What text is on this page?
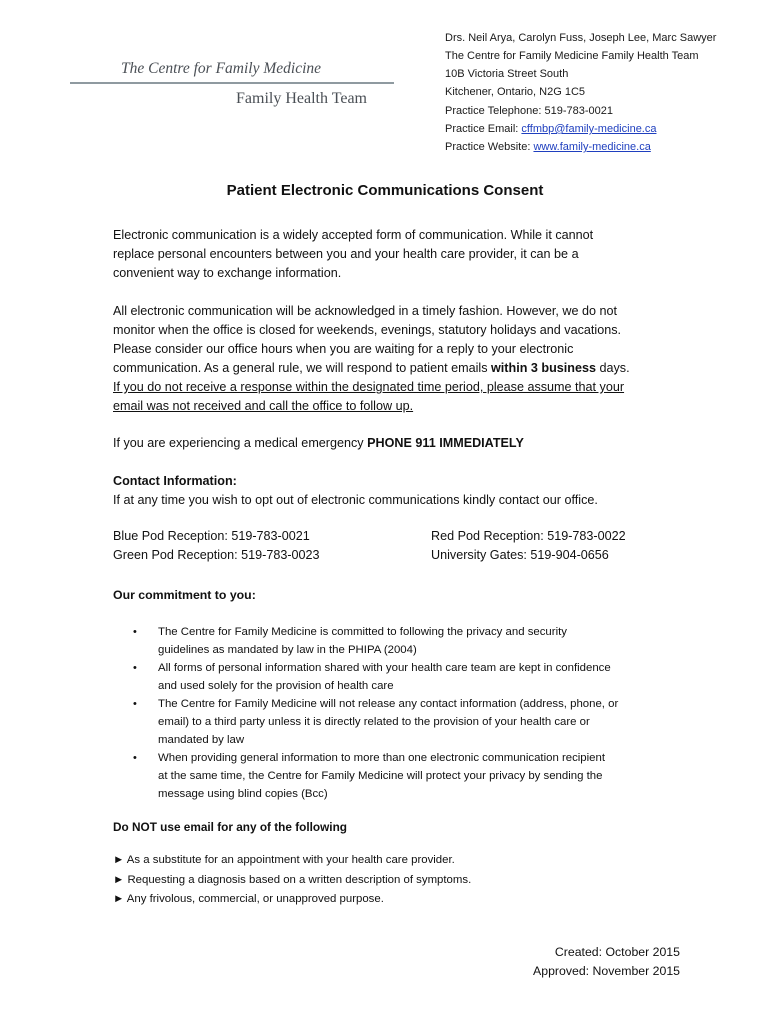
The Centre for Family Medicine
Family Health Team
Drs. Neil Arya, Carolyn Fuss, Joseph Lee, Marc Sawyer
The Centre for Family Medicine Family Health Team
10B Victoria Street South
Kitchener, Ontario, N2G 1C5
Practice Telephone: 519-783-0021
Practice Email: cffmbp@family-medicine.ca
Practice Website: www.family-medicine.ca
Patient Electronic Communications Consent
Electronic communication is a widely accepted form of communication. While it cannot
replace personal encounters between you and your health care provider, it can be a
convenient way to exchange information.
All electronic communication will be acknowledged in a timely fashion. However, we do not
monitor when the office is closed for weekends, evenings, statutory holidays and vacations.
Please consider our office hours when you are waiting for a reply to your electronic
communication. As a general rule, we will respond to patient emails within 3 business days.
If you do not receive a response within the designated time period, please assume that your
email was not received and call the office to follow up.
If you are experiencing a medical emergency PHONE 911 IMMEDIATELY
Contact Information:
If at any time you wish to opt out of electronic communications kindly contact our office.
Blue Pod Reception: 519-783-0021	Red Pod Reception: 519-783-0022
Green Pod Reception: 519-783-0023	University Gates: 519-904-0656
Our commitment to you:
• The Centre for Family Medicine is committed to following the privacy and security
guidelines as mandated by law in the PHIPA (2004)
• All forms of personal information shared with your health care team are kept in confidence
and used solely for the provision of health care
• The Centre for Family Medicine will not release any contact information (address, phone, or
email) to a third party unless it is directly related to the provision of your health care or
mandated by law
• When providing general information to more than one electronic communication recipient
at the same time, the Centre for Family Medicine will protect your privacy by sending the
message using blind copies (Bcc)
Do NOT use email for any of the following
► As a substitute for an appointment with your health care provider.
► Requesting a diagnosis based on a written description of symptoms.
► Any frivolous, commercial, or unapproved purpose.
Created: October 2015
Approved: November 2015
